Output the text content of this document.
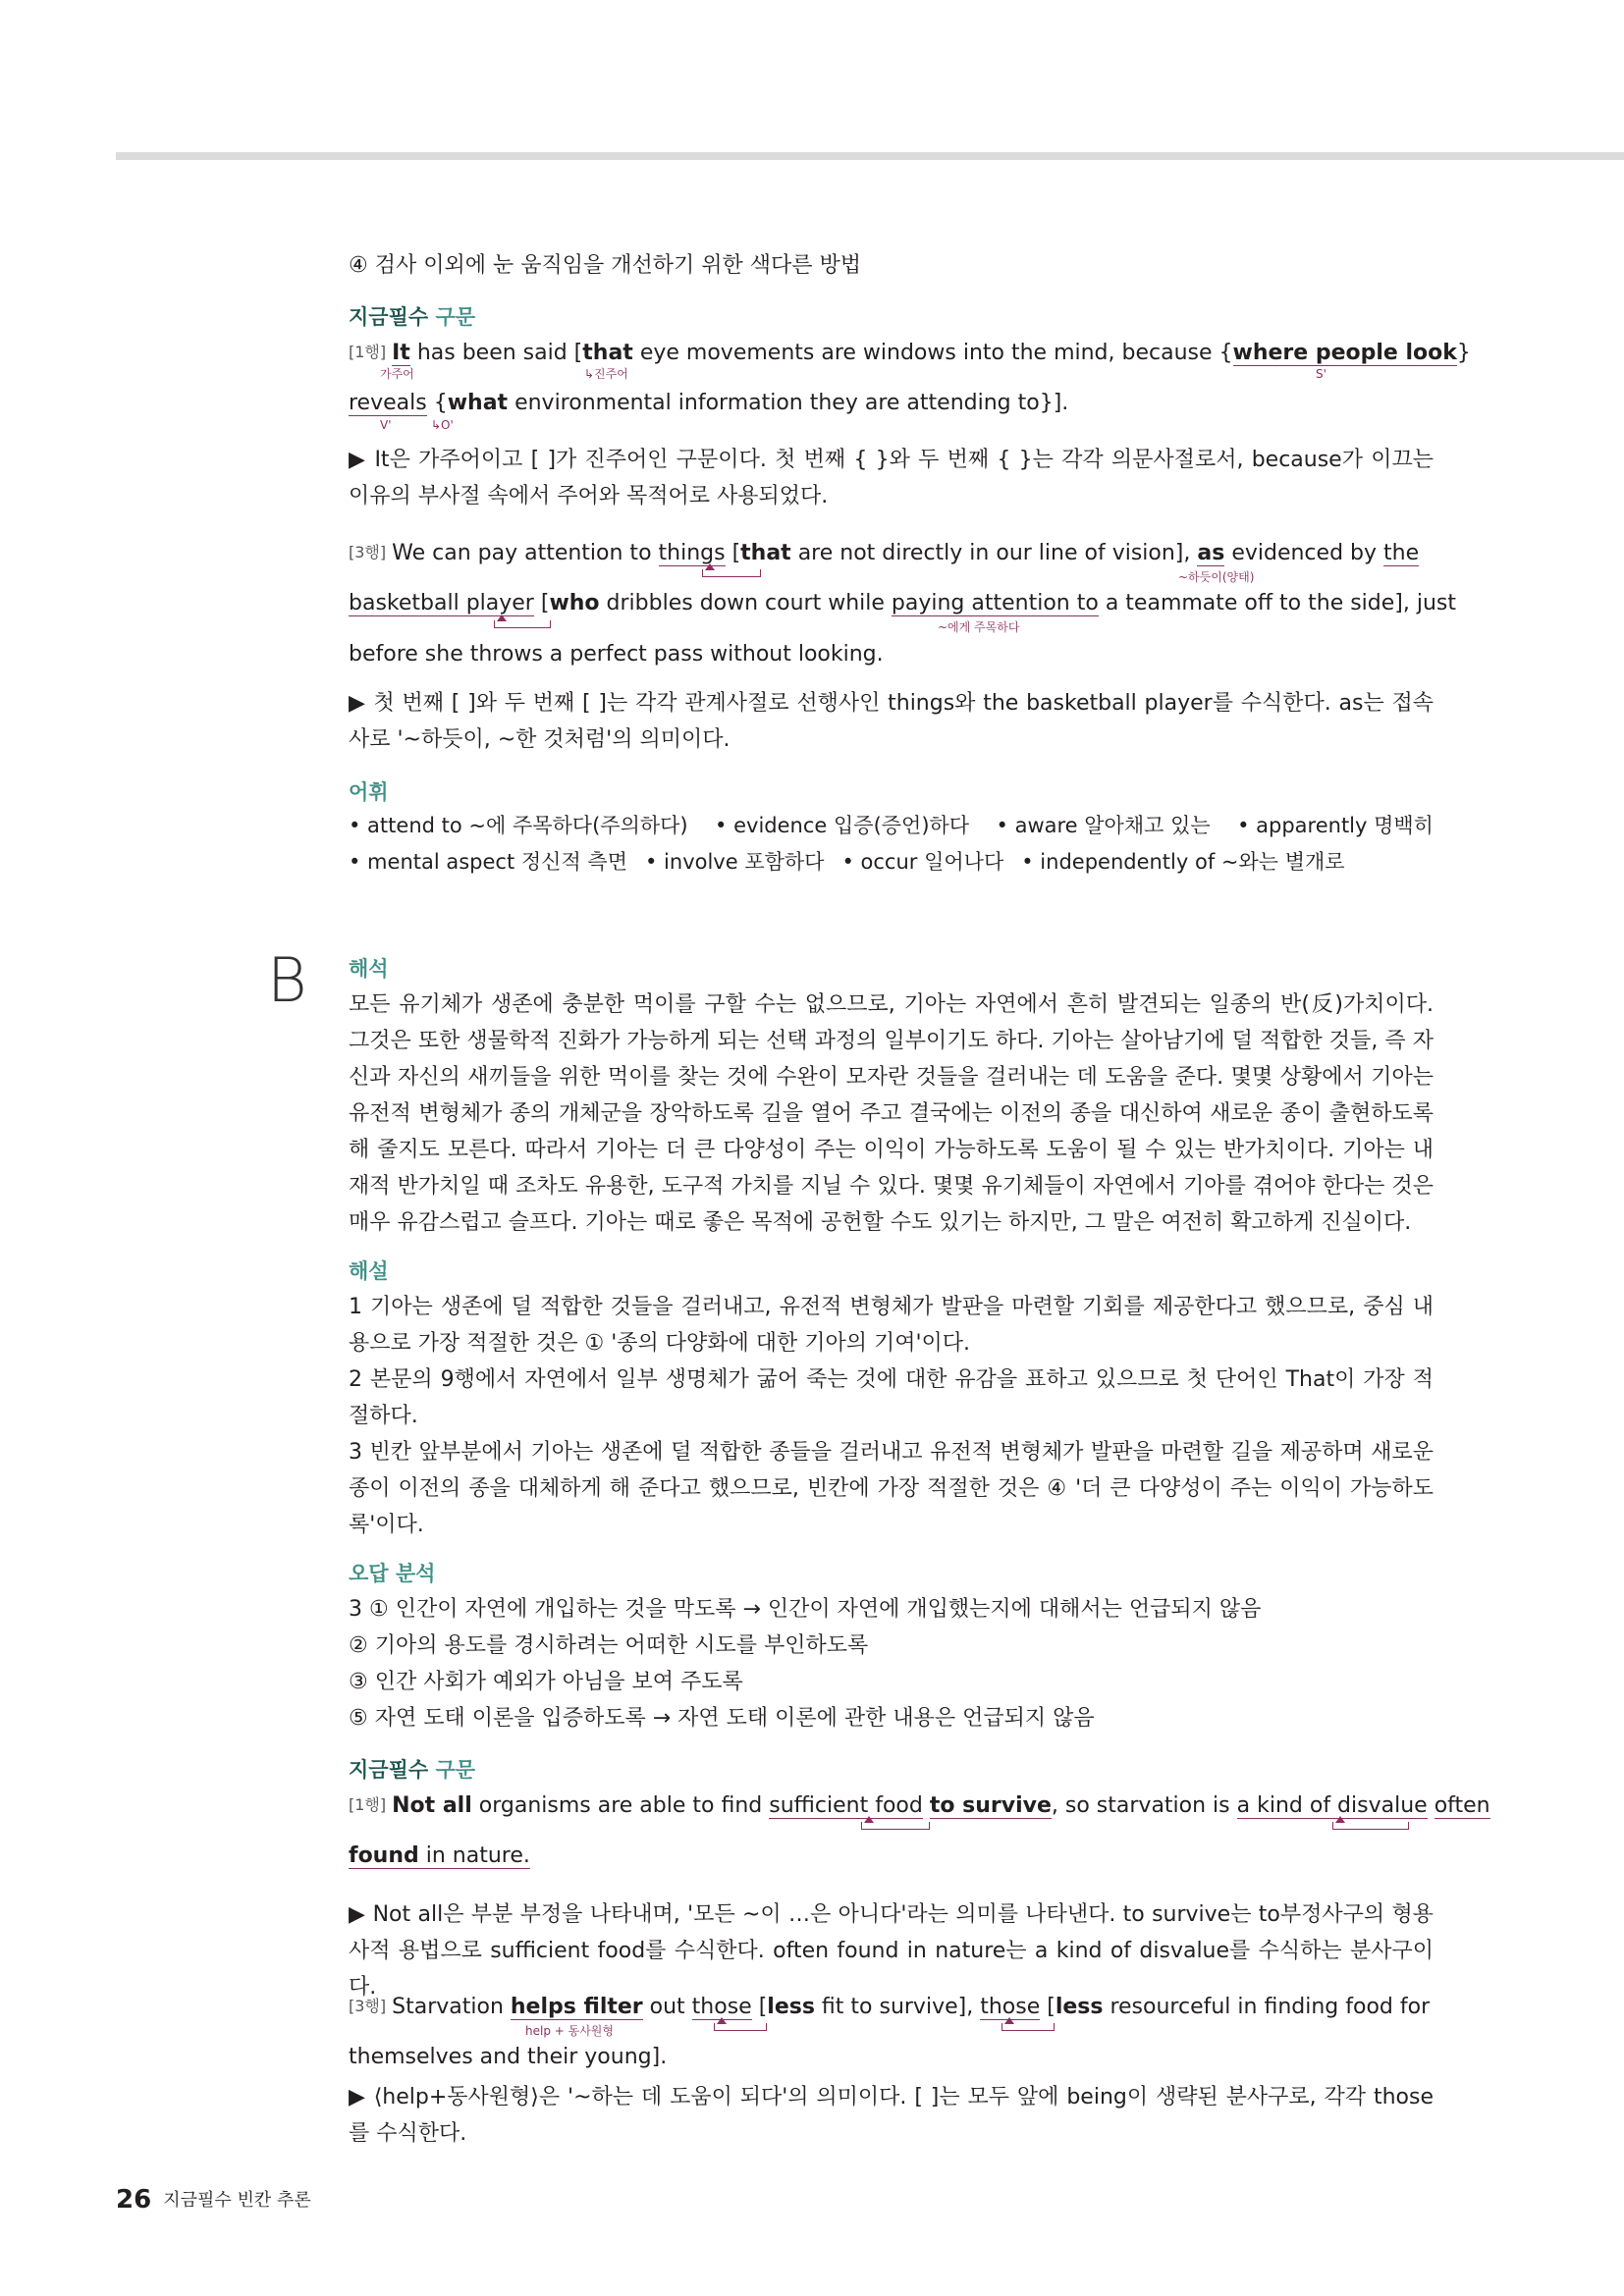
④ 검사 이외에 눈 움직임을 개선하기 위한 색다른 방법

지금필수 구문

[1행] It has been said [that eye movements are windows into the mind, because {where people look}

가주어	↳진주어	S'

reveals {what environmental information they are attending to}].

V'	↳O'

▶ It은 가주어이고 [ ]가 진주어인 구문이다. 첫 번째 { }와 두 번째 { }는 각각 의문사절로서, because가 이끄는 이유의 부사절 속에서 주어와 목적어로 사용되었다.

[3행] We can pay attention to things [that are not directly in our line of vision], as evidenced by the

~하듯이(양태)

basketball player [who dribbles down court while paying attention to a teammate off to the side], just

~에게 주목하다

before she throws a perfect pass without looking.

▶ 첫 번째 [ ]와 두 번째 [ ]는 각각 관계사절로 선행사인 things와 the basketball player를 수식한다. as는 접속사로 '~하듯이, ~한 것처럼'의 의미이다.

어휘
• attend to ~에 주목하다(주의하다) • evidence 입증(증언)하다 • aware 알아채고 있는 • apparently 명백히
• mental aspect 정신적 측면 • involve 포함하다 • occur 일어나다 • independently of ~와는 별개로
B 해석

모든 유기체가 생존에 충분한 먹이를 구할 수는 없으므로, 기아는 자연에서 흔히 발견되는 일종의 반(反)가치이다. 그것은 또한 생물학적 진화가 가능하게 되는 선택 과정의 일부이기도 하다. 기아는 살아남기에 덜 적합한 것들, 즉 자신과 자신의 새끼들을 위한 먹이를 찾는 것에 수완이 모자란 것들을 걸러내는 데 도움을 준다. 몇몇 상황에서 기아는 유전적 변형체가 종의 개체군을 장악하도록 길을 열어 주고 결국에는 이전의 종을 대신하여 새로운 종이 출현하도록 해 줄지도 모른다. 따라서 기아는 더 큰 다양성이 주는 이익이 가능하도록 도움이 될 수 있는 반가치이다. 기아는 내재적 반가치일 때 조차도 유용한, 도구적 가치를 지닐 수 있다. 몇몇 유기체들이 자연에서 기아를 겪어야 한다는 것은 매우 유감스럽고 슬프다. 기아는 때로 좋은 목적에 공헌할 수도 있기는 하지만, 그 말은 여전히 확고하게 진실이다.

해설

1 기아는 생존에 덜 적합한 것들을 걸러내고, 유전적 변형체가 발판을 마련할 기회를 제공한다고 했으므로, 중심 내용으로 가장 적절한 것은 ① '종의 다양화에 대한 기아의 기여'이다.

2 본문의 9행에서 자연에서 일부 생명체가 굶어 죽는 것에 대한 유감을 표하고 있으므로 첫 단어인 That이 가장 적절하다.

3 빈칸 앞부분에서 기아는 생존에 덜 적합한 종들을 걸러내고 유전적 변형체가 발판을 마련할 길을 제공하며 새로운 종이 이전의 종을 대체하게 해 준다고 했으므로, 빈칸에 가장 적절한 것은 ④ '더 큰 다양성이 주는 이익이 가능하도록'이다.

오답 분석

3 ① 인간이 자연에 개입하는 것을 막도록 → 인간이 자연에 개입했는지에 대해서는 언급되지 않음

② 기아의 용도를 경시하려는 어떠한 시도를 부인하도록

③ 인간 사회가 예외가 아님을 보여 주도록

⑤ 자연 도태 이론을 입증하도록 → 자연 도태 이론에 관한 내용은 언급되지 않음

지금필수 구문

[1행] Not all organisms are able to find sufficient food to survive, so starvation is a kind of disvalue often

found in nature.

▶ Not all은 부분 부정을 나타내며, '모든 ~이 …은 아니다'라는 의미를 나타낸다. to survive는 to부정사구의 형용사적 용법으로 sufficient food를 수식한다. often found in nature는 a kind of disvalue를 수식하는 분사구이다.

[3행] Starvation helps filter out those [less fit to survive], those [less resourceful in finding food for

help + 동사원형

themselves and their young].

▶ ⟨help+동사원형⟩은 '~하는 데 도움이 되다'의 의미이다. [ ]는 모두 앞에 being이 생략된 분사구로, 각각 those를 수식한다.

26 지금필수 빈칸 추론
